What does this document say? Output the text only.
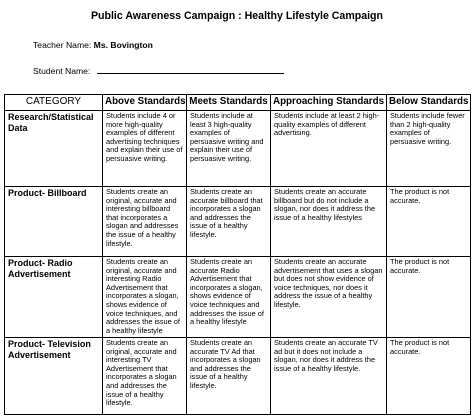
Public Awareness Campaign : Healthy Lifestyle Campaign
Teacher Name: Ms. Bovington
Student Name:
CATEGORY	Above Standards	Meets Standards	Approaching Standards	Below Standards
Research/Statistical Data	Students include 4 or more high-quality examples of different advertising techniques and explain their use of persuasive writing.	Students include at least 3 high-quality examples of persuasive writing and explain their use of persuasive writing.	Students include at least 2 high-quality examples of different advertising.	Students include fewer than 2 high-quality examples of persuasive writing.
Product- Billboard	Students create an original, accurate and interesting billboard that incorporates a slogan and addresses the issue of a healthy lifestyle.	Students create an accurate billboard that incorporates a slogan and addresses the issue of a healthy lifestyle.	Students create an accurate billboard but do not include a slogan, nor does it address the issue of a healthy lifestyles	The product is not accurate.
Product- Radio Advertisement	Students create an original, accurate and interesting Radio Advertisement that incorporates a slogan, shows evidence of voice techniques, and addresses the issue of a healthy lifestyle	Students create an accurate Radio Advertisement that incorporates a slogan, shows evidence of voice techniques and addresses the issue of a healthy lifestyle	Students create an accurate advertisement that uses a slogan but does not show evidence of voice techniques, nor does it address the issue of a healthy lifestyle.	The product is not accurate.
Product- Television Advertisement	Students create an original, accurate and interesting TV Advertisement that incorporates a slogan and addresses the issue of a healthy lifestyle.	Students create an accurate TV Ad that incorporates a slogan and addresses the issue of a healthy lifestyle.	Students create an accurate TV ad but it does not include a slogan, nor does it address the issue of a healthy lifestyle.	The product is not accurate.
